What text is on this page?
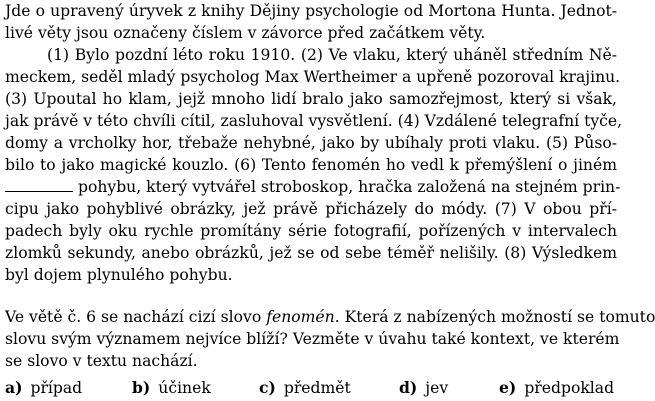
Jde o upravený úryvek z knihy Dějiny psychologie od Mortona Hunta. Jednot-
livé věty jsou označeny číslem v závorce před začátkem věty.
(1) Bylo pozdní léto roku 1910. (2) Ve vlaku, který uháněl středním Ně-
meckem, seděl mladý psycholog Max Wertheimer a upřeně pozoroval krajinu.
(3) Upoutal ho klam, jejž mnoho lidí bralo jako samozřejmost, který si však,
jak právě v této chvíli cítil, zasluhoval vysvětlení. (4) Vzdálené telegrafní tyče,
domy a vrcholky hor, třebaže nehybné, jako by ubíhaly proti vlaku. (5) Půso-
bilo to jako magické kouzlo. (6) Tento fenomén ho vedl k přemýšlení o jiném
pohybu, který vytvářel stroboskop, hračka založená na stejném prin-
cipu jako pohyblivé obrázky, jež právě přicházely do módy. (7) V obou pří-
padech byly oku rychle promítány série fotografií, pořízených v intervalech
zlomků sekundy, anebo obrázků, jež se od sebe téměř nelišily. (8) Výsledkem
byl dojem plynulého pohybu.
Ve větě č. 6 se nachází cizí slovo fenomén. Která z nabízených možností se tomuto
slovu svým významem nejvíce blíží? Vezměte v úvahu také kontext, ve kterém
se slovo v textu nachází.
a) případ	b) účinek	c) předmět	d) jev	e) předpoklad
